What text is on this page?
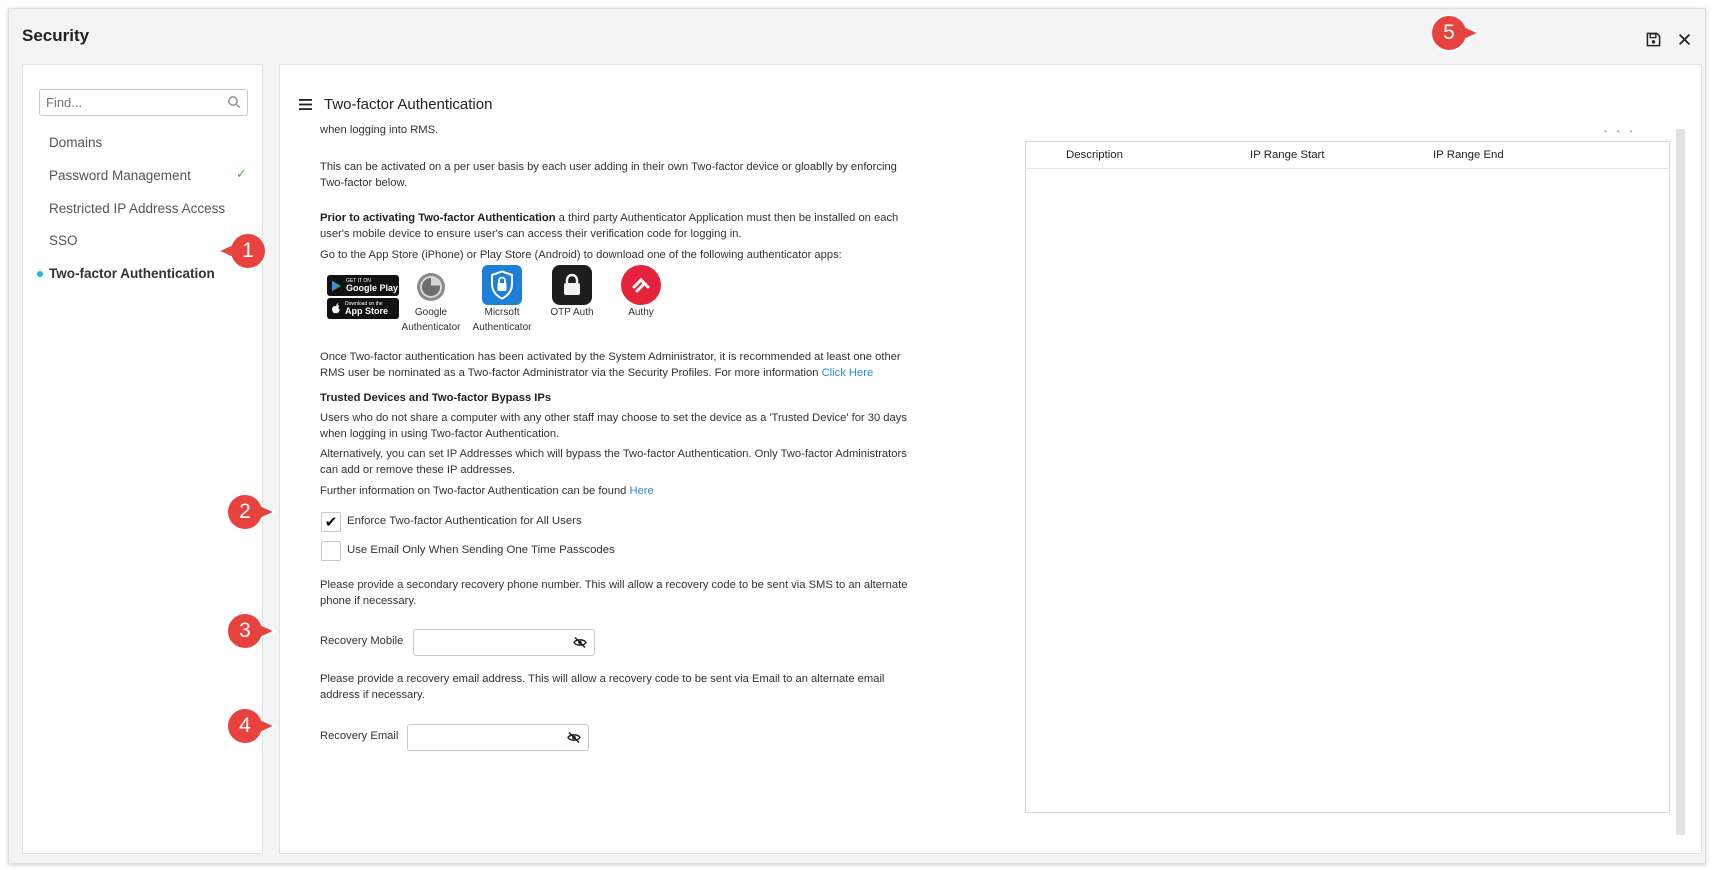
Security
Find...
Domains
Password Management	✓
Restricted IP Address Access
SSO
Two-factor Authentication
Two-factor Authentication
when logging into RMS.
This can be activated on a per user basis by each user adding in their own Two-factor device or gloablly by enforcing Two-factor below.
Prior to activating Two-factor Authentication a third party Authenticator Application must then be installed on each user's mobile device to ensure user's can access their verification code for logging in.
Go to the App Store (iPhone) or Play Store (Android) to download one of the following authenticator apps:
GET IT ON
Google Play
Download on the
App Store	Google Authenticator
Micrsoft Authenticator
OTP Auth	Authy
Once Two-factor authentication has been activated by the System Administrator, it is recommended at least one other RMS user be nominated as a Two-factor Administrator via the Security Profiles. For more information Click Here
Trusted Devices and Two-factor Bypass IPs
Users who do not share a computer with any other staff may choose to set the device as a 'Trusted Device' for 30 days when logging in using Two-factor Authentication.
Alternatively, you can set IP Addresses which will bypass the Two-factor Authentication. Only Two-factor Administrators can add or remove these IP addresses.
Further information on Two-factor Authentication can be found Here
✔ Enforce Two-factor Authentication for All Users
Use Email Only When Sending One Time Passcodes
Please provide a secondary recovery phone number. This will allow a recovery code to be sent via SMS to an alternate phone if necessary.
Recovery Mobile
Please provide a recovery email address. This will allow a recovery code to be sent via Email to an alternate email address if necessary.
Recovery Email
•••
Description	IP Range Start	IP Range End
1
2
3
4
5
